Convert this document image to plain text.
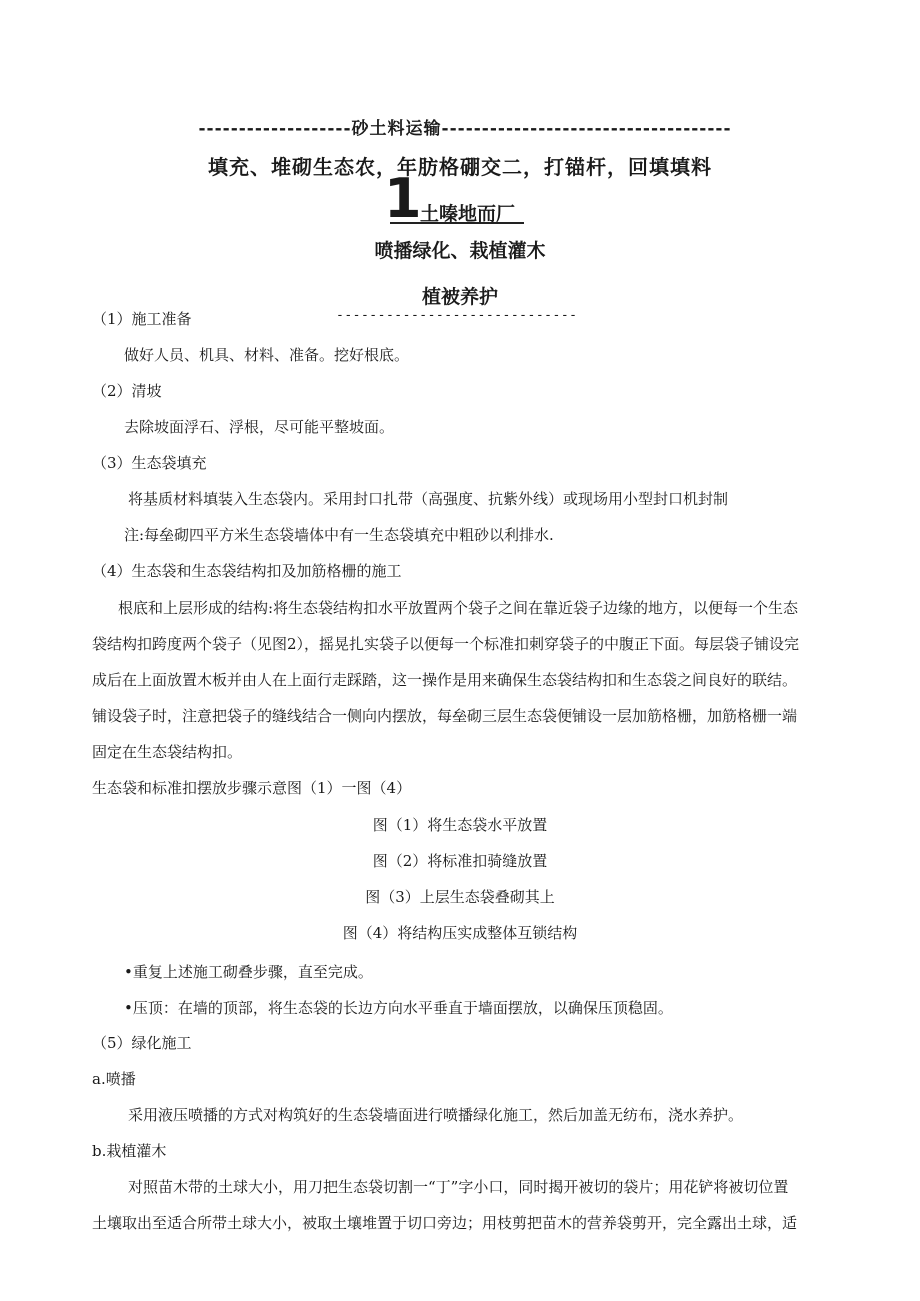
-------------------砂土料运输------------------------------------
填充、堆砌生态农，年肪格硼交二，打锚杆，回填填料
1
土嗪地而厂
喷播绿化、栽植灌木
植被养护
-----------------------------
（1）施工准备
做好人员、机具、材料、准备。挖好根底。
（2）清坡
去除坡面浮石、浮根，尽可能平整坡面。
（3）生态袋填充
将基质材料填装入生态袋内。采用封口扎带（高强度、抗紫外线）或现场用小型封口机封制
注:每垒砌四平方米生态袋墙体中有一生态袋填充中粗砂以利排水.
（4）生态袋和生态袋结构扣及加筋格栅的施工
根底和上层形成的结构:将生态袋结构扣水平放置两个袋子之间在靠近袋子边缘的地方，以便每一个生态
袋结构扣跨度两个袋子（见图2），摇晃扎实袋子以便每一个标准扣刺穿袋子的中腹正下面。每层袋子铺设完
成后在上面放置木板并由人在上面行走踩踏，这一操作是用来确保生态袋结构扣和生态袋之间良好的联结。
铺设袋子时，注意把袋子的缝线结合一侧向内摆放，每垒砌三层生态袋便铺设一层加筋格栅，加筋格栅一端
固定在生态袋结构扣。
生态袋和标准扣摆放步骤示意图（1）一图（4）
图（1）将生态袋水平放置
图（2）将标准扣骑缝放置
图（3）上层生态袋叠砌其上
图（4）将结构压实成整体互锁结构
•重复上述施工砌叠步骤，直至完成。
•压顶：在墙的顶部，将生态袋的长边方向水平垂直于墙面摆放，以确保压顶稳固。
（5）绿化施工
a.喷播
采用液压喷播的方式对构筑好的生态袋墙面进行喷播绿化施工，然后加盖无纺布，浇水养护。
b.栽植灌木
对照苗木带的土球大小，用刀把生态袋切割一“丁”字小口，同时揭开被切的袋片；用花铲将被切位置
土壤取出至适合所带土球大小，被取土壤堆置于切口旁边；用枝剪把苗木的营养袋剪开，完全露出土球，适
